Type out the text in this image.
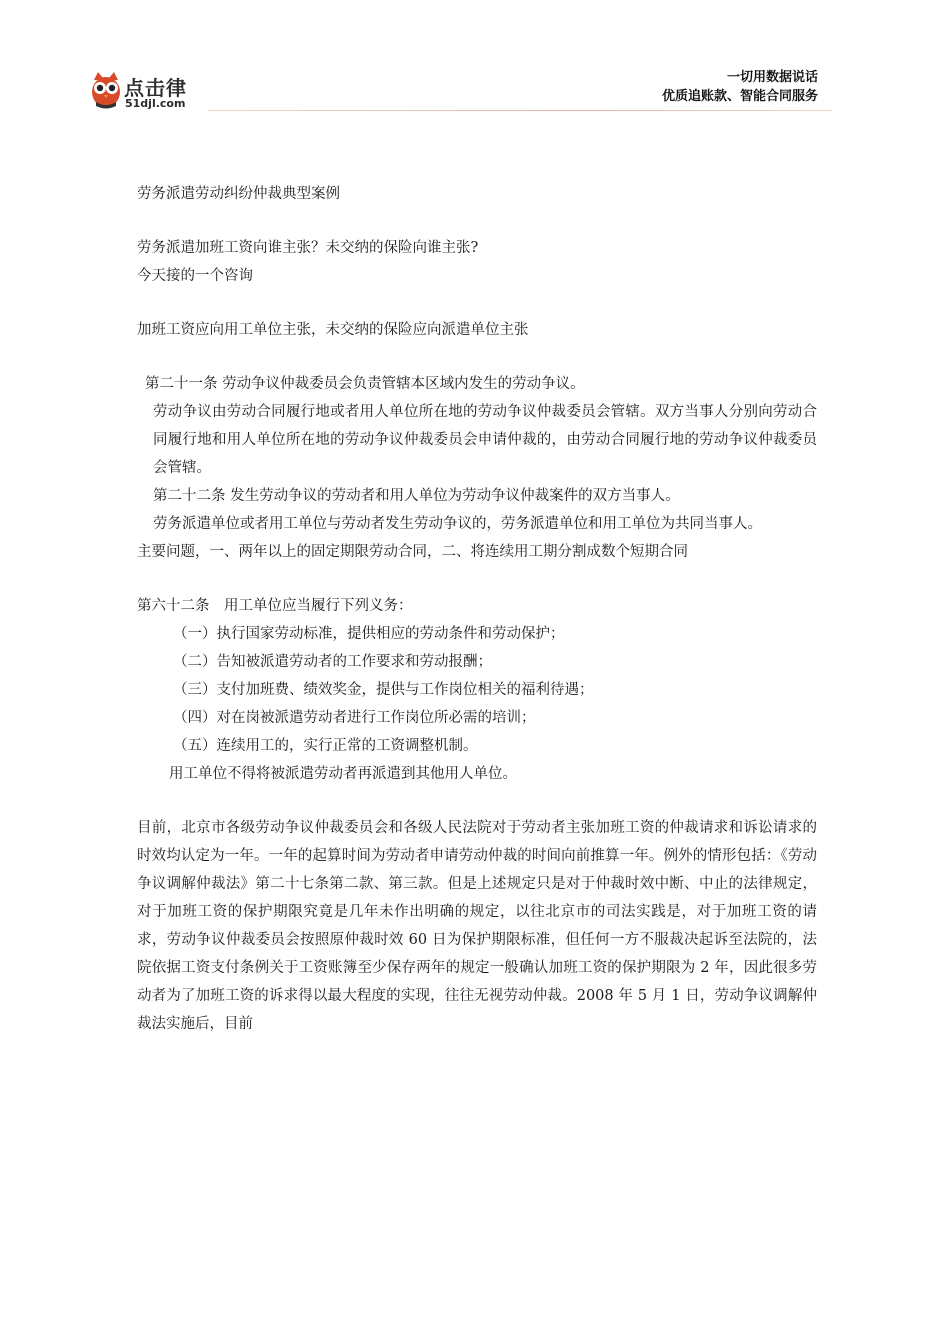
点击律
51djl.com
一切用数据说话
优质追账款、智能合同服务

劳务派遣劳动纠纷仲裁典型案例

劳务派遣加班工资向谁主张？未交纳的保险向谁主张?

今天接的一个咨询

加班工资应向用工单位主张，未交纳的保险应向派遣单位主张

第二十一条 劳动争议仲裁委员会负责管辖本区域内发生的劳动争议。

劳动争议由劳动合同履行地或者用人单位所在地的劳动争议仲裁委员会管辖。双方当事人分别向劳动合同履行地和用人单位所在地的劳动争议仲裁委员会申请仲裁的，由劳动合同履行地的劳动争议仲裁委员会管辖。

第二十二条 发生劳动争议的劳动者和用人单位为劳动争议仲裁案件的双方当事人。

劳务派遣单位或者用工单位与劳动者发生劳动争议的，劳务派遣单位和用工单位为共同当事人。

主要问题，一、两年以上的固定期限劳动合同，二、将连续用工期分割成数个短期合同

第六十二条　用工单位应当履行下列义务：

（一）执行国家劳动标准，提供相应的劳动条件和劳动保护；

（二）告知被派遣劳动者的工作要求和劳动报酬；

（三）支付加班费、绩效奖金，提供与工作岗位相关的福利待遇；

（四）对在岗被派遣劳动者进行工作岗位所必需的培训；

（五）连续用工的，实行正常的工资调整机制。

用工单位不得将被派遣劳动者再派遣到其他用人单位。

目前，北京市各级劳动争议仲裁委员会和各级人民法院对于劳动者主张加班工资的仲裁请求和诉讼请求的时效均认定为一年。一年的起算时间为劳动者申请劳动仲裁的时间向前推算一年。例外的情形包括：《劳动争议调解仲裁法》第二十七条第二款、第三款。但是上述规定只是对于仲裁时效中断、中止的法律规定，对于加班工资的保护期限究竟是几年未作出明确的规定，以往北京市的司法实践是，对于加班工资的请求，劳动争议仲裁委员会按照原仲裁时效 60 日为保护期限标准，但任何一方不服裁决起诉至法院的，法院依据工资支付条例关于工资账簿至少保存两年的规定一般确认加班工资的保护期限为 2 年，因此很多劳动者为了加班工资的诉求得以最大程度的实现，往往无视劳动仲裁。2008 年 5 月 1 日，劳动争议调解仲裁法实施后，目前
